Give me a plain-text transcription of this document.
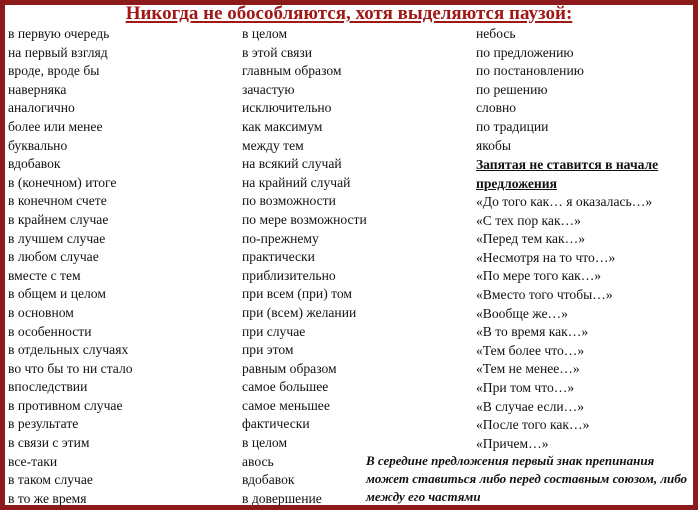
Никогда не обособляются, хотя выделяются паузой:
в первую очередь
на первый взгляд
вроде, вроде бы
наверняка
аналогично
более или менее
буквально
вдобавок
в (конечном) итоге
в конечном счете
в крайнем случае
в лучшем случае
в любом случае
вместе с тем
в общем и целом
в основном
в особенности
в отдельных случаях
во что бы то ни стало
впоследствии
в противном случае
в результате
в связи с этим
все-таки
в таком случае
в то же время
в целом
в этой связи
главным образом
зачастую
исключительно
как максимум
между тем
на всякий случай
на крайний случай
по возможности
по мере возможности
по-прежнему
практически
приблизительно
при всем (при) том
при (всем) желании
при случае
при этом
равным образом
самое большее
самое меньшее
фактически
в целом
авось
вдобавок
в довершение
небось
по предложению
по постановлению
по решению
словно
по традиции
якобы
Запятая не ставится в начале предложения
«До того как… я оказалась…»
«С тех пор как…»
«Перед тем как…»
«Несмотря на то что…»
«По мере того как…»
«Вместо того чтобы…»
«Вообще же…»
«В то время как…»
«Тем более что…»
«Тем не менее…»
«При том что…»
«В случае если…»
«После того как…»
«Причем…»
В середине предложения первый знак препинания может ставиться либо перед составным союзом, либо между его частями
